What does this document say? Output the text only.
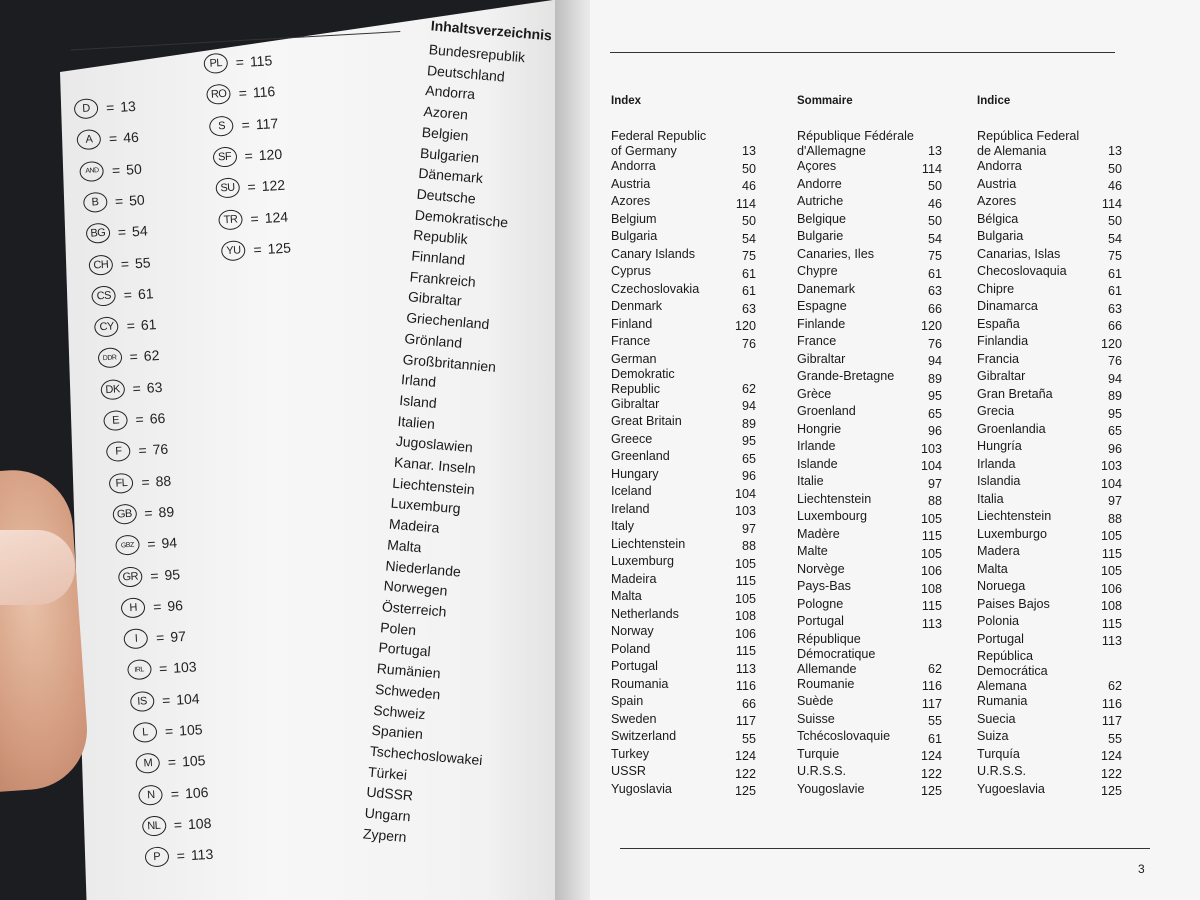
D	= 13
A	= 46
AND = 50
B	= 50
BG = 54
CH = 55
CS = 61
CY = 61
DDR = 62
DK = 63
E	= 66
F	= 76
FL = 88
GB = 89
GBZ = 94
GR = 95
H	= 96
I	= 97
IRL	= 103
IS	= 104
L	= 105
M	= 105
N	= 106
NL = 108
P	= 113
PL = 115
RO = 116
S	= 117
SF = 120
SU = 122
TR = 124
YU = 125
Inhaltsverzeichnis
Bundesrepublik
Deutschland
Andorra
Azoren
Belgien
Bulgarien
Dänemark
Deutsche
Demokratische
Republik
Finnland
Frankreich
Gibraltar
Griechenland
Grönland
Großbritannien
Irland
Island
Italien
Jugoslawien
Kanar. Inseln
Liechtenstein
Luxemburg
Madeira
Malta
Niederlande
Norwegen
Österreich
Polen
Portugal
Rumänien
Schweden
Schweiz
Spanien
Tschechoslowakei
Türkei
UdSSR
Ungarn
Zypern
Index
Federal Republic
of Germany	13
Andorra	50
Austria	46
Azores	114
Belgium	50
Bulgaria	54
Canary Islands	75
Cyprus	61
Czechoslovakia	61
Denmark	63
Finland	120
France	76
German
Demokratic
Republic	62
Gibraltar	94
Great Britain	89
Greece	95
Greenland	65
Hungary	96
Iceland	104
Ireland	103
Italy	97
Liechtenstein	88
Luxemburg	105
Madeira	115
Malta	105
Netherlands	108
Norway	106
Poland	115
Portugal	113
Roumania	116
Spain	66
Sweden	117
Switzerland	55
Turkey	124
USSR	122
Yugoslavia	125
Sommaire
République Fédérale
d'Allemagne	13
Açores	114
Andorre	50
Autriche	46
Belgique	50
Bulgarie	54
Canaries, Iles	75
Chypre	61
Danemark	63
Espagne	66
Finlande	120
France	76
Gibraltar	94
Grande-Bretagne	89
Grèce	95
Groenland	65
Hongrie	96
Irlande	103
Islande	104
Italie	97
Liechtenstein	88
Luxembourg	105
Madère	115
Malte	105
Norvège	106
Pays-Bas	108
Pologne	115
Portugal	113
République
Démocratique
Allemande	62
Roumanie	116
Suède	117
Suisse	55
Tchécoslovaquie	61
Turquie	124
U.R.S.S.	122
Yougoslavie	125
Indice
República Federal
de Alemania	13
Andorra	50
Austria	46
Azores	114
Bélgica	50
Bulgaria	54
Canarias, Islas	75
Checoslovaquia	61
Chipre	61
Dinamarca	63
España	66
Finlandia	120
Francia	76
Gibraltar	94
Gran Bretaña	89
Grecia	95
Groenlandia	65
Hungría	96
Irlanda	103
Islandia	104
Italia	97
Liechtenstein	88
Luxemburgo	105
Madera	115
Malta	105
Noruega	106
Paises Bajos	108
Polonia	115
Portugal	113
República
Democrática
Alemana	62
Rumania	116
Suecia	117
Suiza	55
Turquía	124
U.R.S.S.	122
Yugoeslavia	125
3
